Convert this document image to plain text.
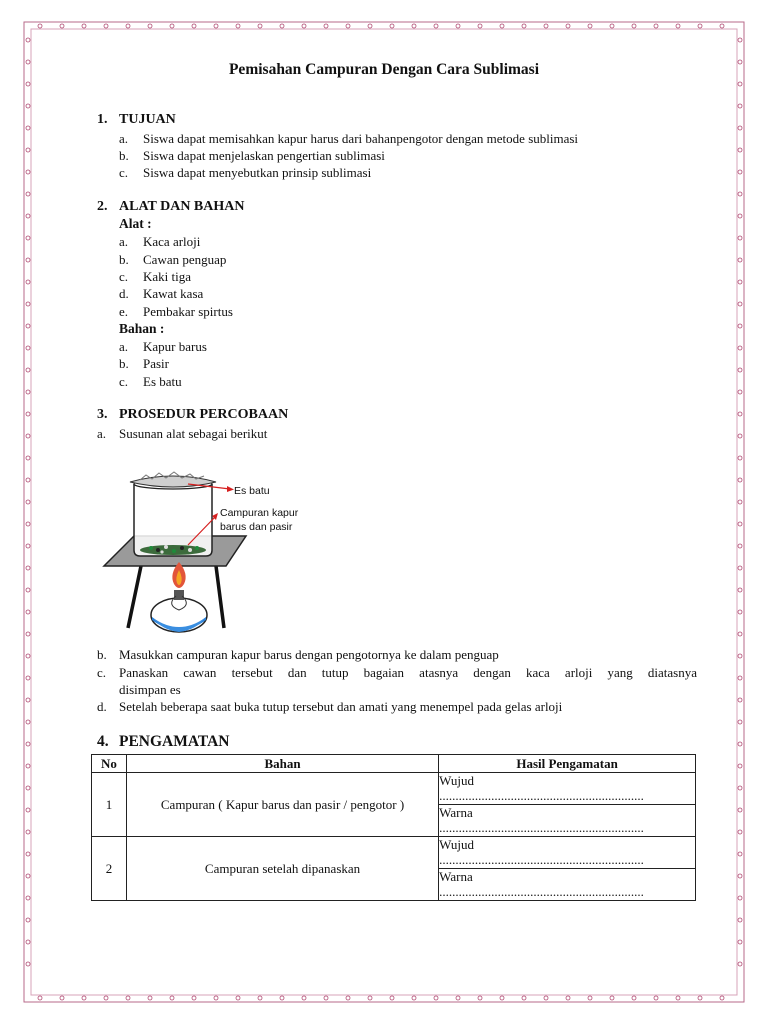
Pemisahan Campuran Dengan Cara Sublimasi
1. TUJUAN
a. Siswa dapat memisahkan kapur harus dari bahanpengotor dengan metode sublimasi
b. Siswa dapat menjelaskan pengertian sublimasi
c. Siswa dapat menyebutkan prinsip sublimasi
2. ALAT DAN BAHAN
Alat :
a. Kaca arloji
b. Cawan penguap
c. Kaki tiga
d. Kawat kasa
e. Pembakar spirtus
Bahan :
a. Kapur barus
b. Pasir
c. Es batu
3. PROSEDUR PERCOBAAN
a. Susunan alat sebagai berikut
Es batu
Campuran kapur
barus dan pasir
b. Masukkan campuran kapur barus dengan pengotornya ke dalam penguap
c. Panaskan cawan tersebut dan tutup bagaian atasnya dengan kaca arloji yang diatasnya
disimpan es
d. Setelah beberapa saat buka tutup tersebut dan amati yang menempel pada gelas arloji
4. PENGAMATAN
No	Bahan	Hasil Pengamatan
1	Campuran ( Kapur barus dan pasir / pengotor )	Wujud
...............................................................

		Warna
...............................................................

2	Campuran setelah dipanaskan	Wujud
...............................................................

		Warna
...............................................................
